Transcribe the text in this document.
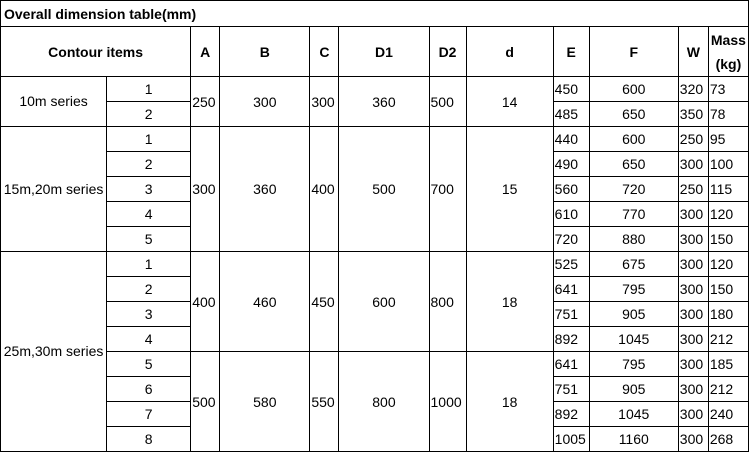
Overall dimension table(mm)											
Contour items		A	B	C	D1	D2	d	E	F	W	Mass
(kg)

10m series	1	250	300	300	360	500	14	450	600	320	73
	2							485	650	350	78
15m,20m series	1	300	360	400	500	700	15	440	600	250	95
	2							490	650	300	100
	3							560	720	250	115
	4							610	770	300	120
	5							720	880	300	150
25m,30m series	1	400	460	450	600	800	18	525	675	300	120
	2							641	795	300	150
	3							751	905	300	180
	4							892	1045	300	212
	5	500	580	550	800	1000	18	641	795	300	185
	6							751	905	300	212
	7							892	1045	300	240
	8							1005	1160	300	268
